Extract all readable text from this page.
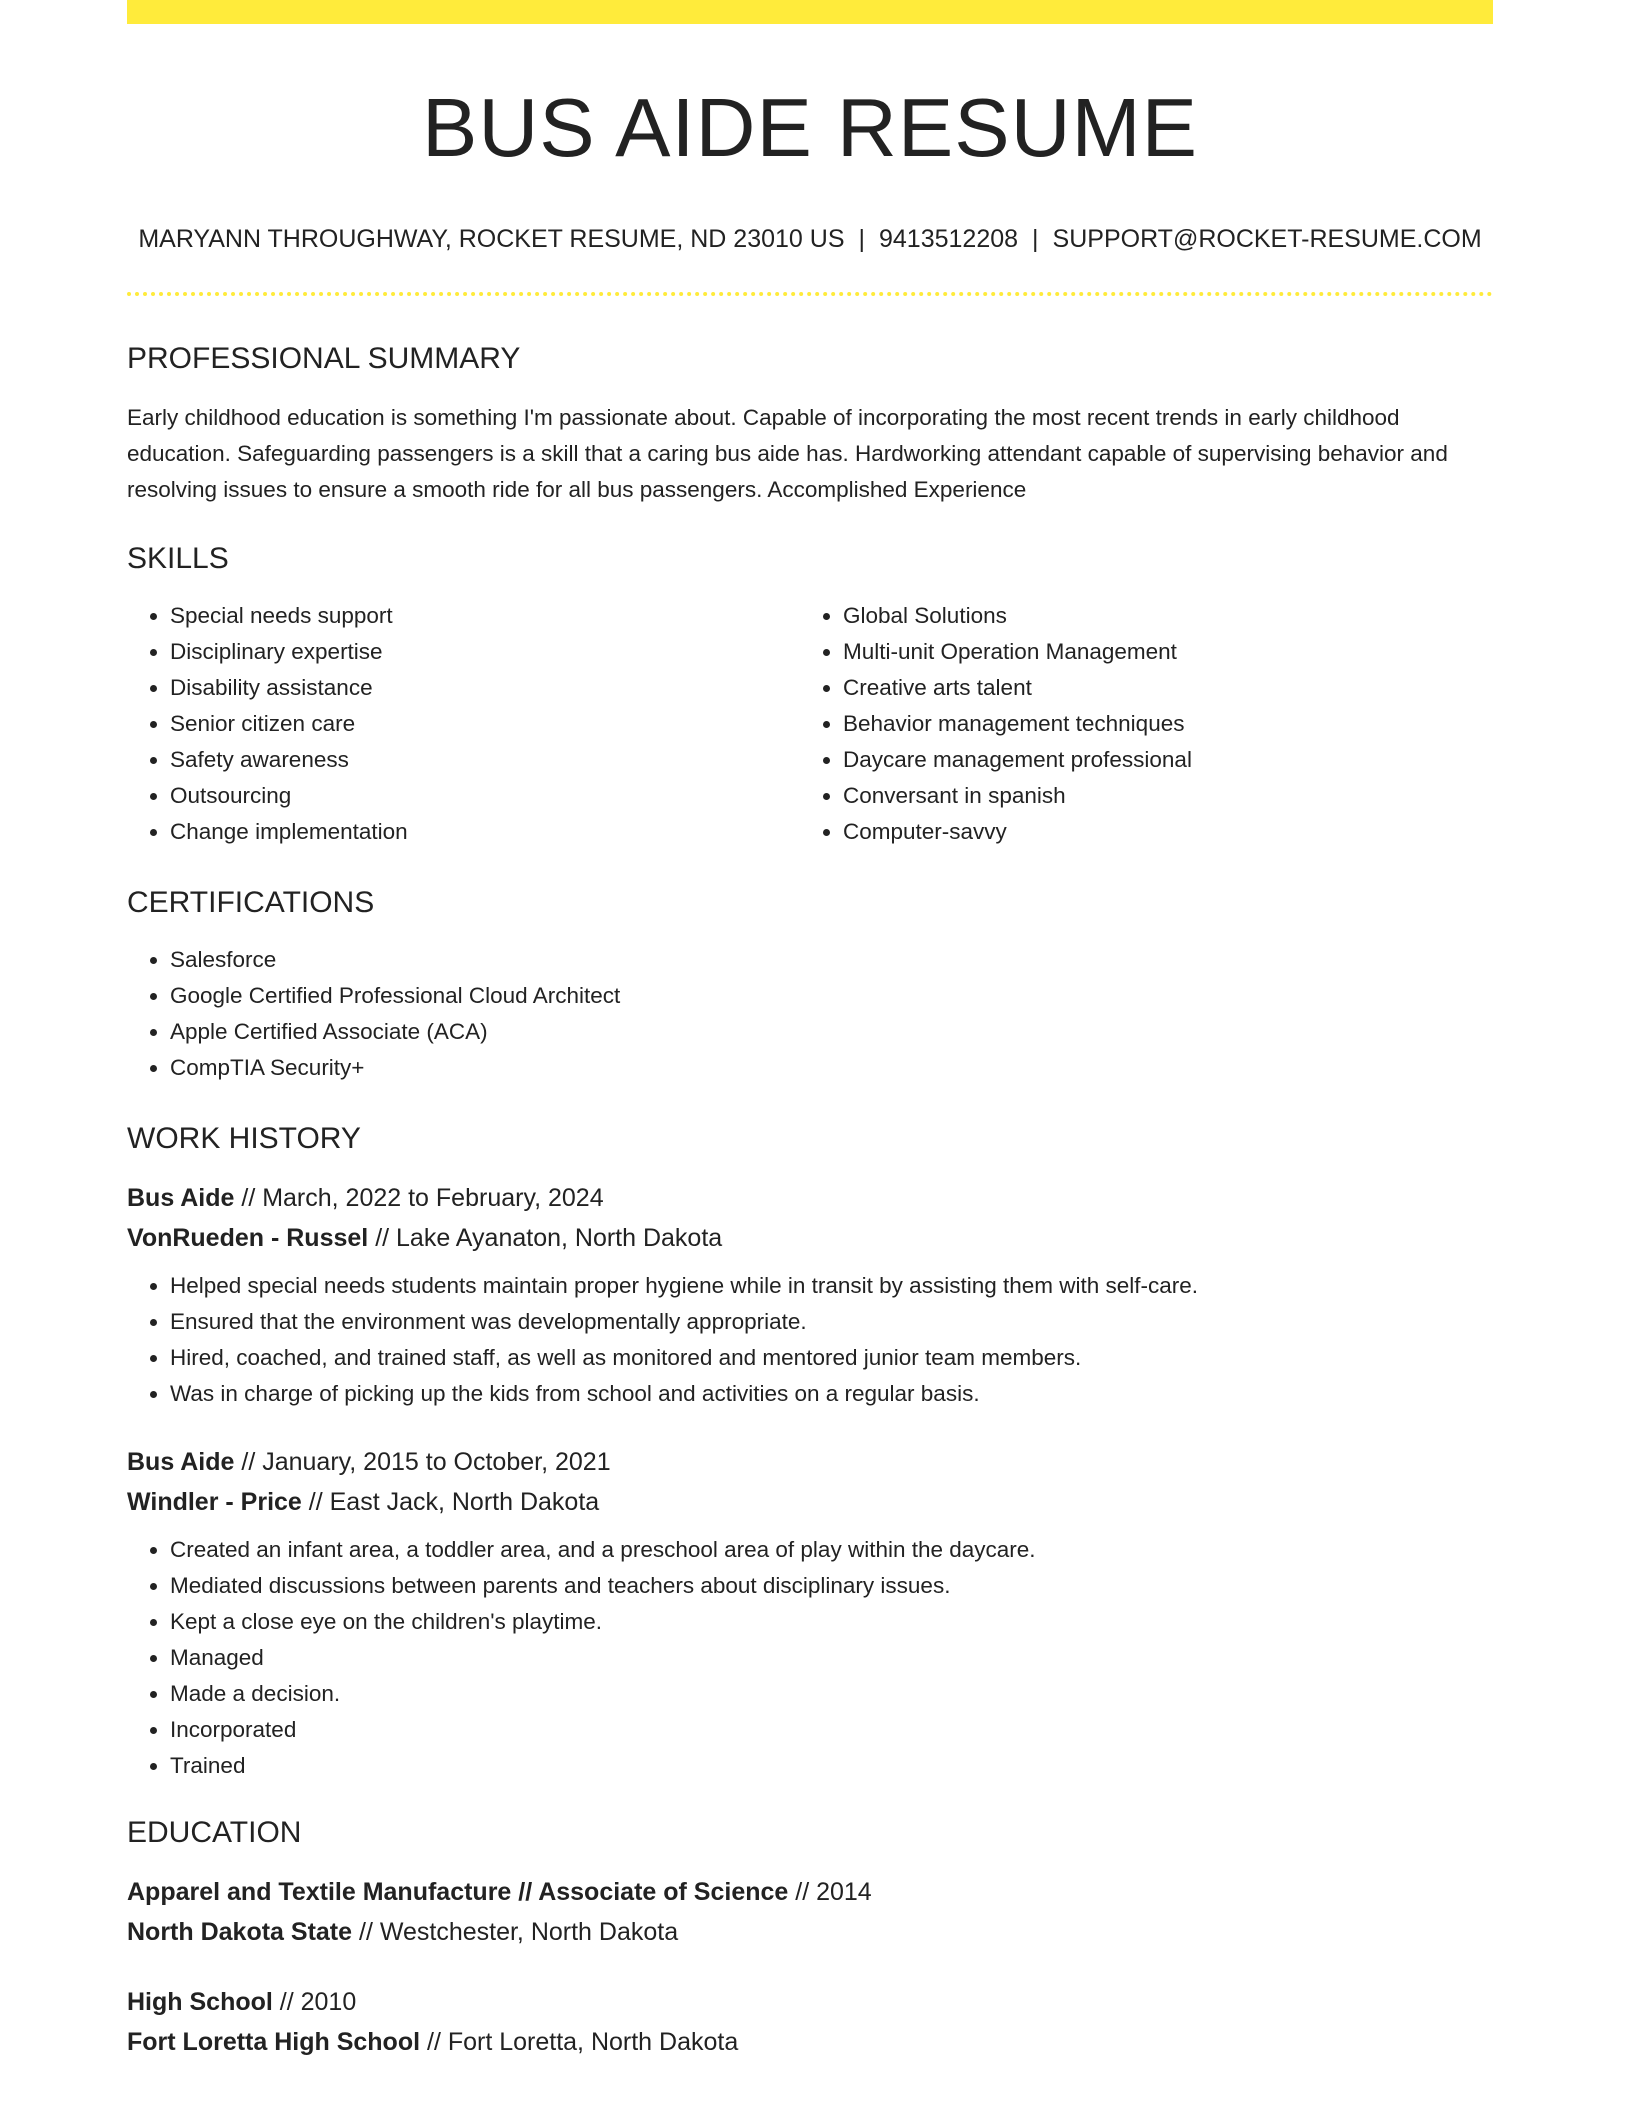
BUS AIDE RESUME
MARYANN THROUGHWAY, ROCKET RESUME, ND 23010 US | 9413512208 | SUPPORT@ROCKET-RESUME.COM
PROFESSIONAL SUMMARY
Early childhood education is something I'm passionate about. Capable of incorporating the most recent trends in early childhood education. Safeguarding passengers is a skill that a caring bus aide has. Hardworking attendant capable of supervising behavior and resolving issues to ensure a smooth ride for all bus passengers. Accomplished Experience
SKILLS
• Special needs support
• Disciplinary expertise
• Disability assistance
• Senior citizen care
• Safety awareness
• Outsourcing
• Change implementation
• Global Solutions
• Multi-unit Operation Management
• Creative arts talent
• Behavior management techniques
• Daycare management professional
• Conversant in spanish
• Computer-savvy
CERTIFICATIONS
• Salesforce
• Google Certified Professional Cloud Architect
• Apple Certified Associate (ACA)
• CompTIA Security+
WORK HISTORY
Bus Aide // March, 2022 to February, 2024
VonRueden - Russel // Lake Ayanaton, North Dakota
• Helped special needs students maintain proper hygiene while in transit by assisting them with self-care.
• Ensured that the environment was developmentally appropriate.
• Hired, coached, and trained staff, as well as monitored and mentored junior team members.
• Was in charge of picking up the kids from school and activities on a regular basis.
Bus Aide // January, 2015 to October, 2021
Windler - Price // East Jack, North Dakota
• Created an infant area, a toddler area, and a preschool area of play within the daycare.
• Mediated discussions between parents and teachers about disciplinary issues.
• Kept a close eye on the children's playtime.
• Managed
• Made a decision.
• Incorporated
• Trained
EDUCATION
Apparel and Textile Manufacture // Associate of Science // 2014
North Dakota State // Westchester, North Dakota
High School // 2010
Fort Loretta High School // Fort Loretta, North Dakota
